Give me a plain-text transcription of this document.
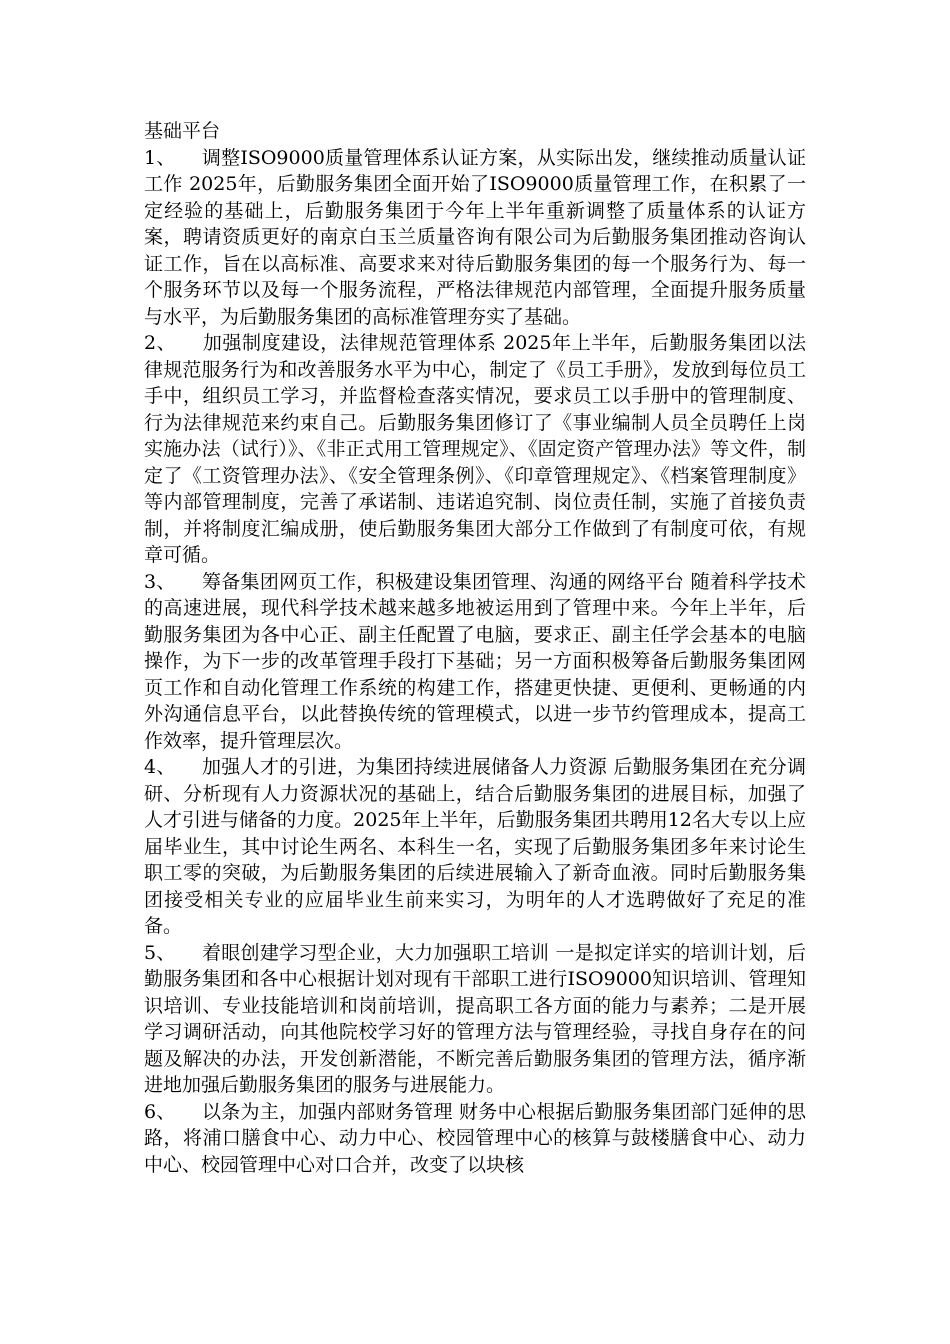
基础平台

1、 调整ISO9000质量管理体系认证方案，从实际出发，继续推动质量认证工作 2025年，后勤服务集团全面开始了ISO9000质量管理工作，在积累了一定经验的基础上，后勤服务集团于今年上半年重新调整了质量体系的认证方案，聘请资质更好的南京白玉兰质量咨询有限公司为后勤服务集团推动咨询认证工作，旨在以高标准、高要求来对待后勤服务集团的每一个服务行为、每一个服务环节以及每一个服务流程，严格法律规范内部管理，全面提升服务质量与水平，为后勤服务集团的高标准管理夯实了基础。

2、 加强制度建设，法律规范管理体系 2025年上半年，后勤服务集团以法律规范服务行为和改善服务水平为中心，制定了《员工手册》，发放到每位员工手中，组织员工学习，并监督检查落实情况，要求员工以手册中的管理制度、行为法律规范来约束自己。后勤服务集团修订了《事业编制人员全员聘任上岗实施办法（试行）》、《非正式用工管理规定》、《固定资产管理办法》等文件，制定了《工资管理办法》、《安全管理条例》、《印章管理规定》、《档案管理制度》等内部管理制度，完善了承诺制、违诺追究制、岗位责任制，实施了首接负责制，并将制度汇编成册，使后勤服务集团大部分工作做到了有制度可依，有规章可循。

3、 筹备集团网页工作，积极建设集团管理、沟通的网络平台 随着科学技术的高速进展，现代科学技术越来越多地被运用到了管理中来。今年上半年，后勤服务集团为各中心正、副主任配置了电脑，要求正、副主任学会基本的电脑操作，为下一步的改革管理手段打下基础；另一方面积极筹备后勤服务集团网页工作和自动化管理工作系统的构建工作，搭建更快捷、更便利、更畅通的内外沟通信息平台，以此替换传统的管理模式，以进一步节约管理成本，提高工作效率，提升管理层次。

4、 加强人才的引进，为集团持续进展储备人力资源 后勤服务集团在充分调研、分析现有人力资源状况的基础上，结合后勤服务集团的进展目标，加强了人才引进与储备的力度。2025年上半年，后勤服务集团共聘用12名大专以上应届毕业生，其中讨论生两名、本科生一名，实现了后勤服务集团多年来讨论生职工零的突破，为后勤服务集团的后续进展输入了新奇血液。同时后勤服务集团接受相关专业的应届毕业生前来实习，为明年的人才选聘做好了充足的准备。

5、 着眼创建学习型企业，大力加强职工培训 一是拟定详实的培训计划，后勤服务集团和各中心根据计划对现有干部职工进行ISO9000知识培训、管理知识培训、专业技能培训和岗前培训，提高职工各方面的能力与素养；二是开展学习调研活动，向其他院校学习好的管理方法与管理经验，寻找自身存在的问题及解决的办法，开发创新潜能，不断完善后勤服务集团的管理方法，循序渐进地加强后勤服务集团的服务与进展能力。

6、 以条为主，加强内部财务管理 财务中心根据后勤服务集团部门延伸的思路，将浦口膳食中心、动力中心、校园管理中心的核算与鼓楼膳食中心、动力中心、校园管理中心对口合并，改变了以块核
